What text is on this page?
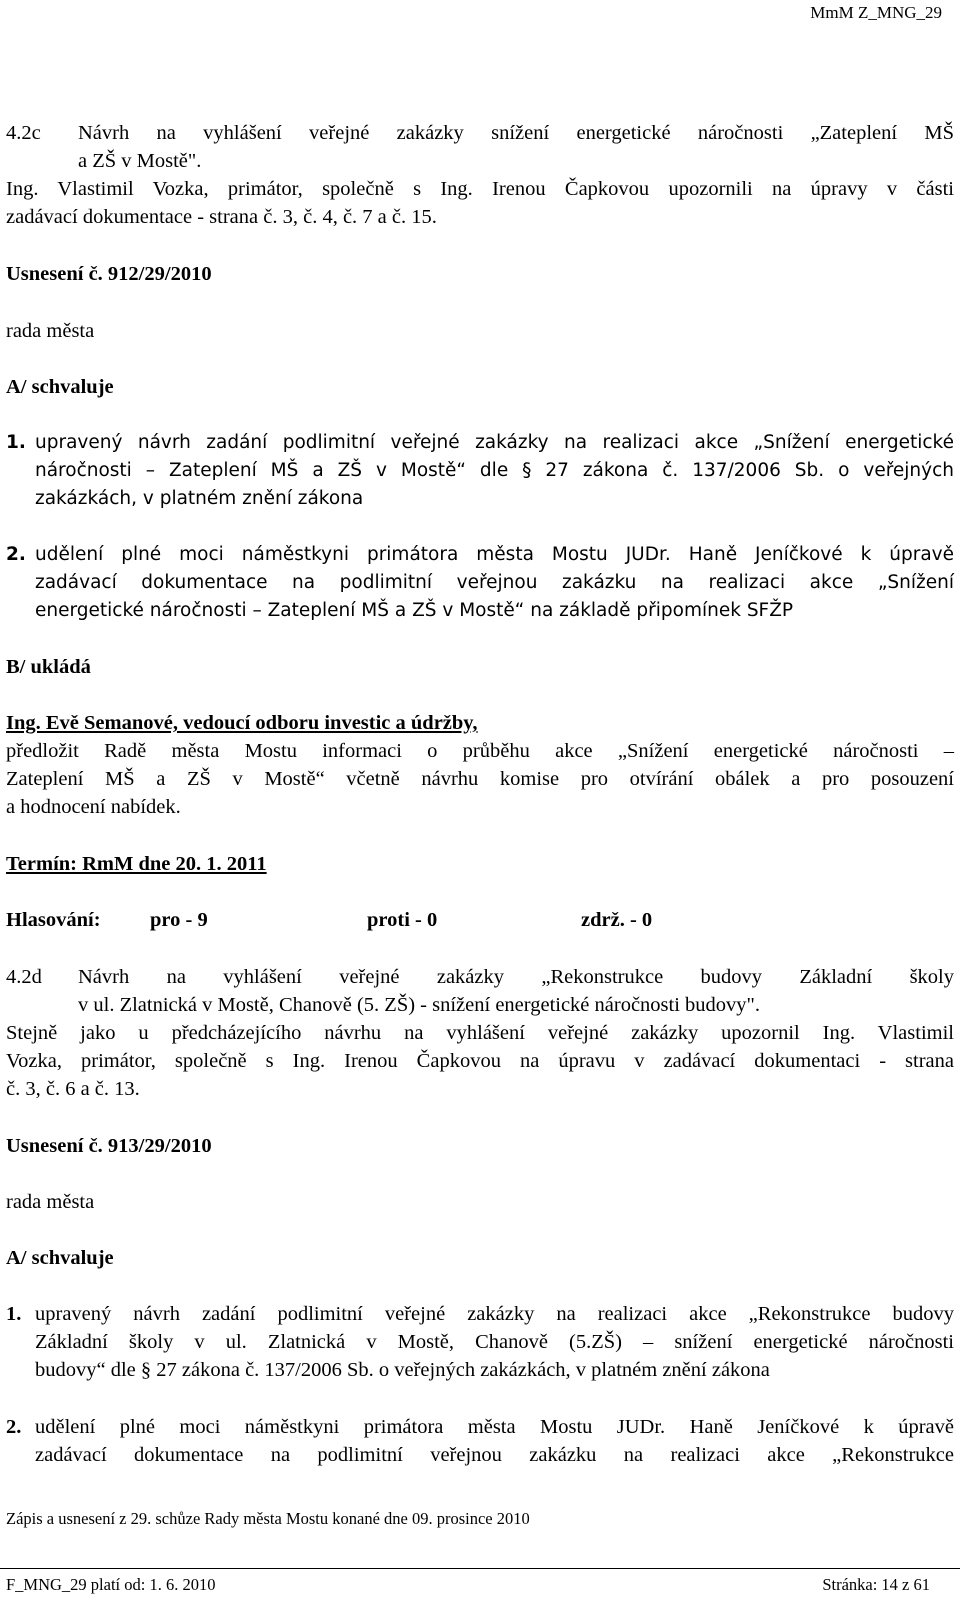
MmM Z_MNG_29
4.2c	Návrh na vyhlášení veřejné zakázky snížení energetické náročnosti „Zateplení MŠ
a ZŠ v Mostě".
Ing. Vlastimil Vozka, primátor, společně s Ing. Irenou Čapkovou upozornili na úpravy v části
zadávací dokumentace - strana č. 3, č. 4, č. 7 a č. 15.
Usnesení č. 912/29/2010
rada města
A/ schvaluje
1. upravený návrh zadání podlimitní veřejné zakázky na realizaci akce „Snížení energetické
náročnosti – Zateplení MŠ a ZŠ v Mostě“ dle § 27 zákona č. 137/2006 Sb. o veřejných
zakázkách, v platném znění zákona
2. udělení plné moci náměstkyni primátora města Mostu JUDr. Haně Jeníčkové k úpravě
zadávací dokumentace na podlimitní veřejnou zakázku na realizaci akce „Snížení
energetické náročnosti – Zateplení MŠ a ZŠ v Mostě“ na základě připomínek SFŽP
B/ ukládá
Ing. Evě Semanové, vedoucí odboru investic a údržby,
předložit Radě města Mostu informaci o průběhu akce „Snížení energetické náročnosti –
Zateplení MŠ a ZŠ v Mostě“ včetně návrhu komise pro otvírání obálek a pro posouzení
a hodnocení nabídek.
Termín: RmM dne 20. 1. 2011
Hlasování: pro - 9	proti - 0	zdrž. - 0
4.2d	Návrh na vyhlášení veřejné zakázky „Rekonstrukce budovy Základní školy
v ul. Zlatnická v Mostě, Chanově (5. ZŠ) - snížení energetické náročnosti budovy".
Stejně jako u předcházejícího návrhu na vyhlášení veřejné zakázky upozornil Ing. Vlastimil
Vozka, primátor, společně s Ing. Irenou Čapkovou na úpravu v zadávací dokumentaci - strana
č. 3, č. 6 a č. 13.
Usnesení č. 913/29/2010
rada města
A/ schvaluje
1. upravený návrh zadání podlimitní veřejné zakázky na realizaci akce „Rekonstrukce budovy
Základní školy v ul. Zlatnická v Mostě, Chanově (5.ZŠ) – snížení energetické náročnosti
budovy“ dle § 27 zákona č. 137/2006 Sb. o veřejných zakázkách, v platném znění zákona
2. udělení plné moci náměstkyni primátora města Mostu JUDr. Haně Jeníčkové k úpravě
zadávací dokumentace na podlimitní veřejnou zakázku na realizaci akce „Rekonstrukce
Zápis a usnesení z 29. schůze Rady města Mostu konané dne 09. prosince 2010
F_MNG_29 platí od: 1. 6. 2010	Stránka: 14 z 61
